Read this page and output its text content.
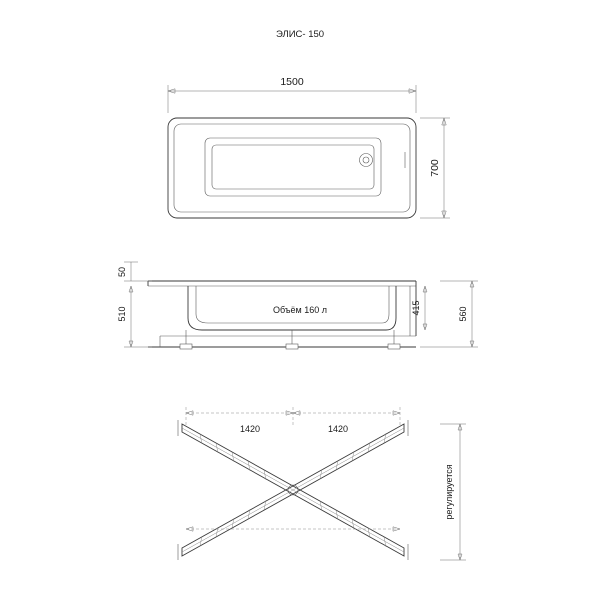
ЭЛИС- 150
1500
700
Объём 160 л
50
510	415	560
1420	1420
регулируется
